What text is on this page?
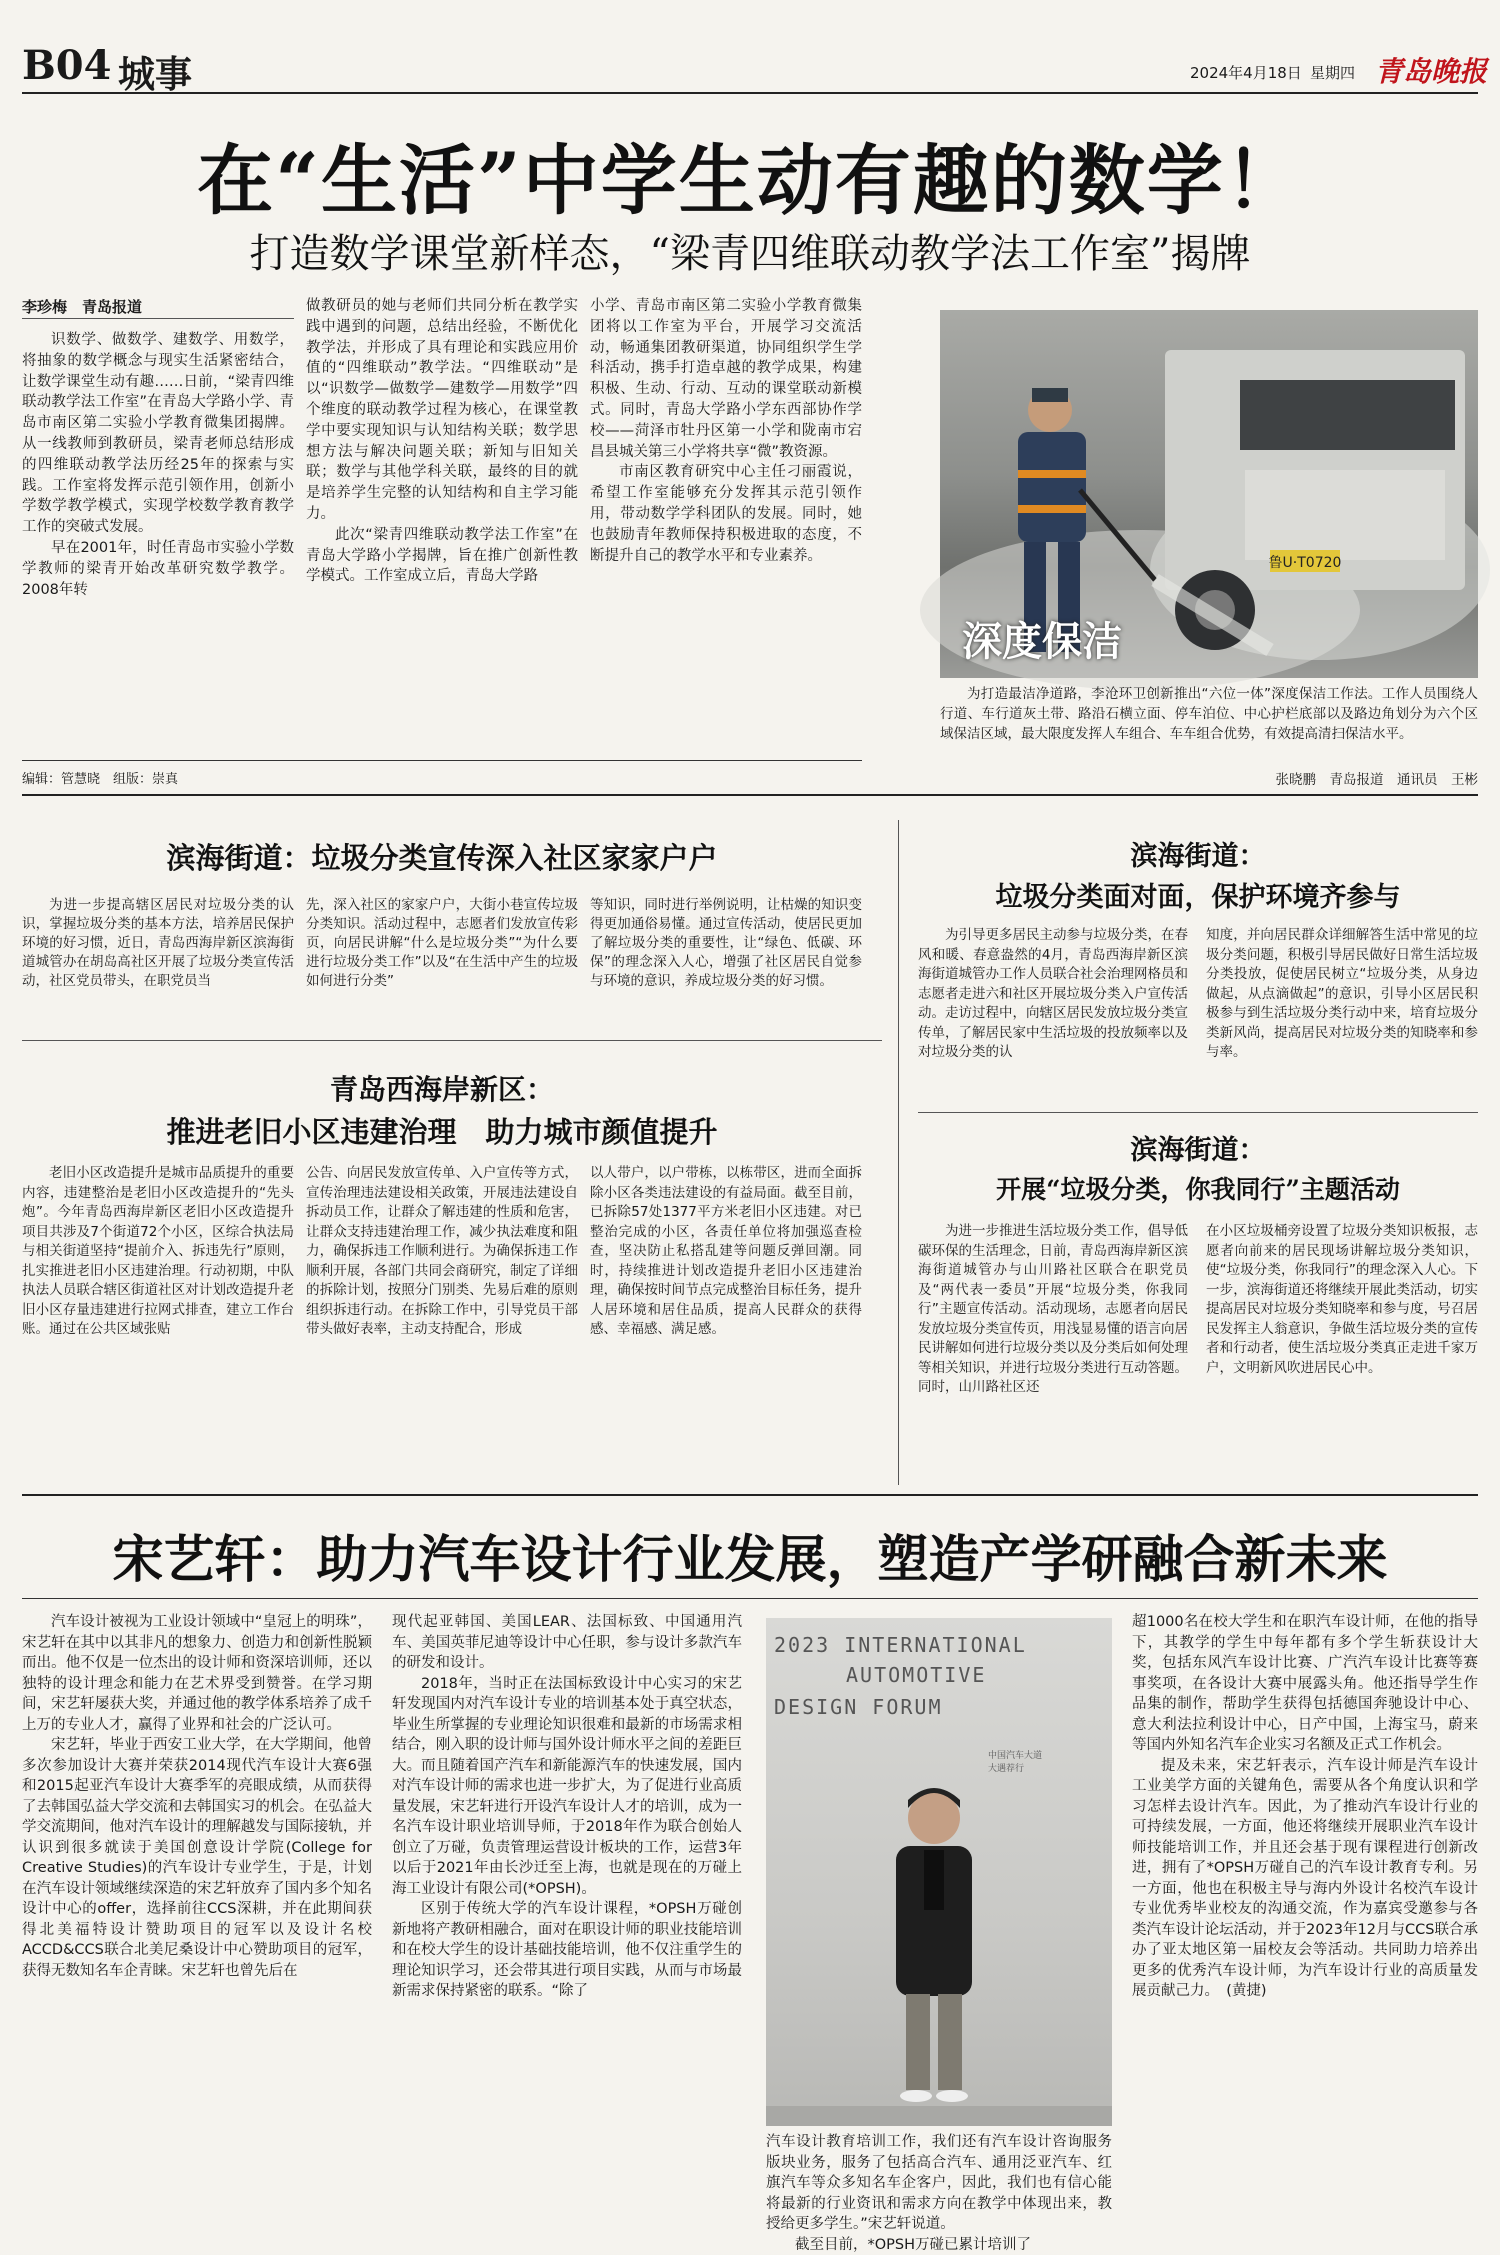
B04 城事	2024年4月18日 星期四 青岛晚报
在“生活”中学生动有趣的数学！
打造数学课堂新样态，“梁青四维联动教学法工作室”揭牌
李珍梅　青岛报道

识数学、做数学、建数学、用数学，将抽象的数学概念与现实生活紧密结合，让数学课堂生动有趣……日前，“梁青四维联动教学法工作室”在青岛大学路小学、青岛市南区第二实验小学教育微集团揭牌。从一线教师到教研员，梁青老师总结形成的四维联动教学法历经25年的探索与实践。工作室将发挥示范引领作用，创新小学数学教学模式，实现学校数学教育教学工作的突破式发展。

早在2001年，时任青岛市实验小学数学教师的梁青开始改革研究数学教学。2008年转

做教研员的她与老师们共同分析在教学实践中遇到的问题，总结出经验，不断优化教学法，并形成了具有理论和实践应用价值的“四维联动”教学法。“四维联动”是以“识数学—做数学—建数学—用数学”四个维度的联动教学过程为核心，在课堂教学中要实现知识与认知结构关联；数学思想方法与解决问题关联；新知与旧知关联；数学与其他学科关联，最终的目的就是培养学生完整的认知结构和自主学习能力。

此次“梁青四维联动教学法工作室”在青岛大学路小学揭牌，旨在推广创新性教学模式。工作室成立后，青岛大学路

小学、青岛市南区第二实验小学教育微集团将以工作室为平台，开展学习交流活动，畅通集团教研渠道，协同组织学生学科活动，携手打造卓越的教学成果，构建积极、生动、行动、互动的课堂联动新模式。同时，青岛大学路小学东西部协作学校——菏泽市牡丹区第一小学和陇南市宕昌县城关第三小学将共享“微”教资源。

市南区教育研究中心主任刁丽霞说，希望工作室能够充分发挥其示范引领作用，带动数学学科团队的发展。同时，她也鼓励青年教师保持积极进取的态度，不断提升自己的教学水平和专业素养。

编辑：管慧晓　组版：崇真
鲁U·T0720
深度保洁
为打造最洁净道路，李沧环卫创新推出“六位一体”深度保洁工作法。工作人员围绕人行道、车行道灰土带、路沿石横立面、停车泊位、中心护栏底部以及路边角划分为六个区域保洁区域，最大限度发挥人车组合、车车组合优势，有效提高清扫保洁水平。
张晓鹏　青岛报道　通讯员　王彬
滨海街道：垃圾分类宣传深入社区家家户户

为进一步提高辖区居民对垃圾分类的认识，掌握垃圾分类的基本方法，培养居民保护环境的好习惯，近日，青岛西海岸新区滨海街道城管办在胡岛高社区开展了垃圾分类宣传活动，社区党员带头，在职党员当

先，深入社区的家家户户，大街小巷宣传垃圾分类知识。活动过程中，志愿者们发放宣传彩页，向居民讲解“什么是垃圾分类”“为什么要进行垃圾分类工作”以及“在生活中产生的垃圾如何进行分类”

等知识，同时进行举例说明，让枯燥的知识变得更加通俗易懂。通过宣传活动，使居民更加了解垃圾分类的重要性，让“绿色、低碳、环保”的理念深入人心，增强了社区居民自觉参与环境的意识，养成垃圾分类的好习惯。

滨海街道：
垃圾分类面对面，保护环境齐参与

为引导更多居民主动参与垃圾分类，在春风和暖、春意盎然的4月，青岛西海岸新区滨海街道城管办工作人员联合社会治理网格员和志愿者走进六和社区开展垃圾分类入户宣传活动。走访过程中，向辖区居民发放垃圾分类宣传单，了解居民家中生活垃圾的投放频率以及对垃圾分类的认

知度，并向居民群众详细解答生活中常见的垃圾分类问题，积极引导居民做好日常生活垃圾分类投放，促使居民树立“垃圾分类，从身边做起，从点滴做起”的意识，引导小区居民积极参与到生活垃圾分类行动中来，培育垃圾分类新风尚，提高居民对垃圾分类的知晓率和参与率。

青岛西海岸新区：
推进老旧小区违建治理　助力城市颜值提升

老旧小区改造提升是城市品质提升的重要内容，违建整治是老旧小区改造提升的“先头炮”。今年青岛西海岸新区老旧小区改造提升项目共涉及7个街道72个小区，区综合执法局与相关街道坚持“提前介入、拆违先行”原则，扎实推进老旧小区违建治理。行动初期，中队执法人员联合辖区街道社区对计划改造提升老旧小区存量违建进行拉网式排查，建立工作台账。通过在公共区域张贴

公告、向居民发放宣传单、入户宣传等方式，宣传治理违法建设相关政策，开展违法建设自拆动员工作，让群众了解违建的性质和危害，让群众支持违建治理工作，减少执法难度和阻力，确保拆违工作顺利进行。为确保拆违工作顺利开展，各部门共同会商研究，制定了详细的拆除计划，按照分门别类、先易后难的原则组织拆违行动。在拆除工作中，引导党员干部带头做好表率，主动支持配合，形成

以人带户，以户带栋，以栋带区，进而全面拆除小区各类违法建设的有益局面。截至目前，已拆除57处1377平方米老旧小区违建。对已整治完成的小区，各责任单位将加强巡查检查，坚决防止私搭乱建等问题反弹回潮。同时，持续推进计划改造提升老旧小区违建治理，确保按时间节点完成整治目标任务，提升人居环境和居住品质，提高人民群众的获得感、幸福感、满足感。

滨海街道：
开展“垃圾分类，你我同行”主题活动

为进一步推进生活垃圾分类工作，倡导低碳环保的生活理念，日前，青岛西海岸新区滨海街道城管办与山川路社区联合在职党员及“两代表一委员”开展“垃圾分类，你我同行”主题宣传活动。活动现场，志愿者向居民发放垃圾分类宣传页，用浅显易懂的语言向居民讲解如何进行垃圾分类以及分类后如何处理等相关知识，并进行垃圾分类进行互动答题。同时，山川路社区还

在小区垃圾桶旁设置了垃圾分类知识板报，志愿者向前来的居民现场讲解垃圾分类知识，使“垃圾分类，你我同行”的理念深入人心。下一步，滨海街道还将继续开展此类活动，切实提高居民对垃圾分类知晓率和参与度，号召居民发挥主人翁意识，争做生活垃圾分类的宣传者和行动者，使生活垃圾分类真正走进千家万户，文明新风吹进居民心中。

宋艺轩：助力汽车设计行业发展，塑造产学研融合新未来

汽车设计被视为工业设计领域中“皇冠上的明珠”，宋艺轩在其中以其非凡的想象力、创造力和创新性脱颖而出。他不仅是一位杰出的设计师和资深培训师，还以独特的设计理念和能力在艺术界受到赞誉。在学习期间，宋艺轩屡获大奖，并通过他的教学体系培养了成千上万的专业人才，赢得了业界和社会的广泛认可。

宋艺轩，毕业于西安工业大学，在大学期间，他曾多次参加设计大赛并荣获2014现代汽车设计大赛6强和2015起亚汽车设计大赛季军的亮眼成绩，从而获得了去韩国弘益大学交流和去韩国实习的机会。在弘益大学交流期间，他对汽车设计的理解越发与国际接轨，并认识到很多就读于美国创意设计学院(College for Creative Studies)的汽车设计专业学生，于是，计划在汽车设计领域继续深造的宋艺轩放弃了国内多个知名设计中心的offer，选择前往CCS深耕，并在此期间获得北美福特设计赞助项目的冠军以及设计名校ACCD&CCS联合北美尼桑设计中心赞助项目的冠军，获得无数知名车企青睐。宋艺轩也曾先后在

现代起亚韩国、美国LEAR、法国标致、中国通用汽车、美国英菲尼迪等设计中心任职，参与设计多款汽车的研发和设计。

2018年，当时正在法国标致设计中心实习的宋艺轩发现国内对汽车设计专业的培训基本处于真空状态，毕业生所掌握的专业理论知识很难和最新的市场需求相结合，刚入职的设计师与国外设计师水平之间的差距巨大。而且随着国产汽车和新能源汽车的快速发展，国内对汽车设计师的需求也进一步扩大，为了促进行业高质量发展，宋艺轩进行开设汽车设计人才的培训，成为一名汽车设计职业培训导师，于2018年作为联合创始人创立了万碰，负责管理运营设计板块的工作，运营3年以后于2021年由长沙迁至上海，也就是现在的万碰上海工业设计有限公司(*OPSH)。

区别于传统大学的汽车设计课程，*OPSH万碰创新地将产教研相融合，面对在职设计师的职业技能培训和在校大学生的设计基础技能培训，他不仅注重学生的理论知识学习，还会带其进行项目实践，从而与市场最新需求保持紧密的联系。“除了

2023 INTERNATIONAL
AUTOMOTIVE
DESIGN FORUM
中国汽车大道
大遇荐行

汽车设计教育培训工作，我们还有汽车设计咨询服务版块业务，服务了包括高合汽车、通用泛亚汽车、红旗汽车等众多知名车企客户，因此，我们也有信心能将最新的行业资讯和需求方向在教学中体现出来，教授给更多学生。”宋艺轩说道。

截至目前，*OPSH万碰已累计培训了

超1000名在校大学生和在职汽车设计师，在他的指导下，其教学的学生中每年都有多个学生斩获设计大奖，包括东风汽车设计比赛、广汽汽车设计比赛等赛事奖项，在各设计大赛中展露头角。他还指导学生作品集的制作，帮助学生获得包括德国奔驰设计中心、意大利法拉利设计中心，日产中国，上海宝马，蔚来等国内外知名汽车企业实习名额及正式工作机会。

提及未来，宋艺轩表示，汽车设计师是汽车设计工业美学方面的关键角色，需要从各个角度认识和学习怎样去设计汽车。因此，为了推动汽车设计行业的可持续发展，一方面，他还将继续开展职业汽车设计师技能培训工作，并且还会基于现有课程进行创新改进，拥有了*OPSH万碰自己的汽车设计教育专利。另一方面，他也在积极主导与海内外设计名校汽车设计专业优秀毕业校友的沟通交流，作为嘉宾受邀参与各类汽车设计论坛活动，并于2023年12月与CCS联合承办了亚太地区第一届校友会等活动。共同助力培养出更多的优秀汽车设计师，为汽车设计行业的高质量发展贡献己力。　(黄捷)
